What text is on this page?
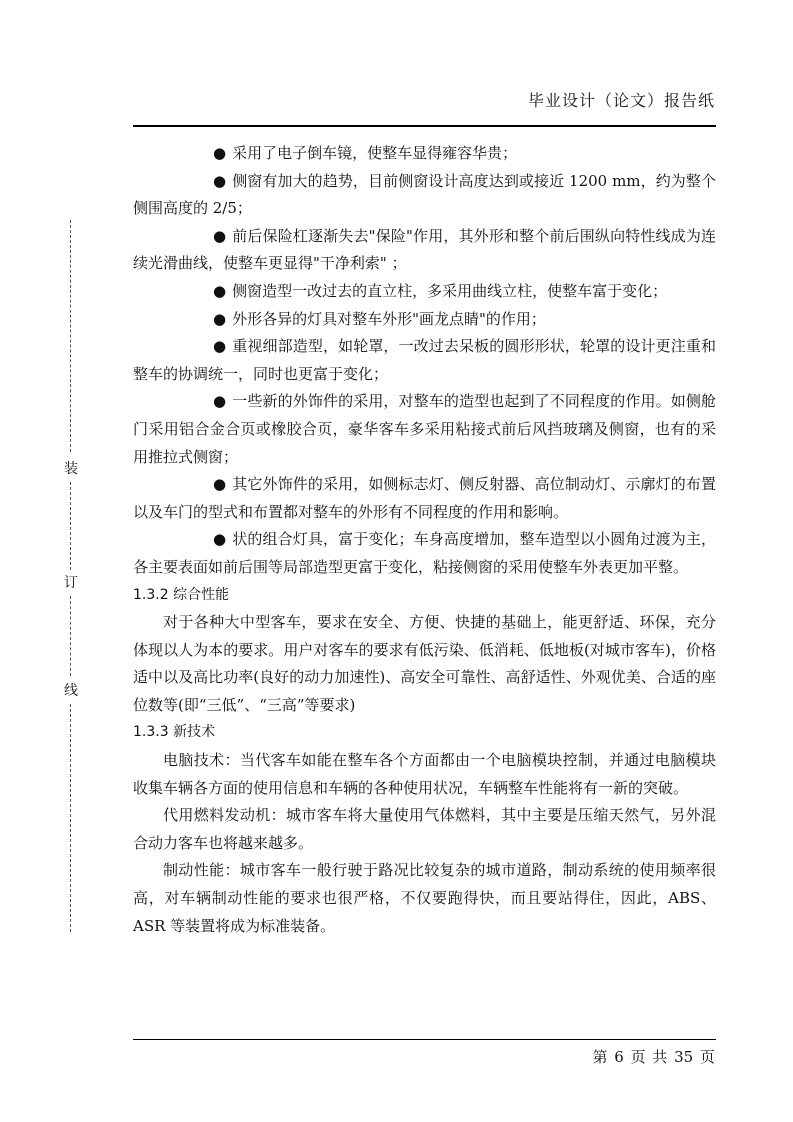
毕业设计（论文）报告纸
装
订
线

● 采用了电子倒车镜，使整车显得雍容华贵；

● 侧窗有加大的趋势，目前侧窗设计高度达到或接近 1200 mm，约为整个侧围高度的 2/5；

● 前后保险杠逐渐失去"保险"作用，其外形和整个前后围纵向特性线成为连续光滑曲线，使整车更显得"干净利索" ；

● 侧窗造型一改过去的直立柱，多采用曲线立柱，使整车富于变化；

● 外形各异的灯具对整车外形"画龙点睛"的作用；

● 重视细部造型，如轮罩，一改过去呆板的圆形形状，轮罩的设计更注重和整车的协调统一，同时也更富于变化；

● 一些新的外饰件的采用，对整车的造型也起到了不同程度的作用。如侧舱门采用铝合金合页或橡胶合页，豪华客车多采用粘接式前后风挡玻璃及侧窗，也有的采用推拉式侧窗；

● 其它外饰件的采用，如侧标志灯、侧反射器、高位制动灯、示廓灯的布置以及车门的型式和布置都对整车的外形有不同程度的作用和影响。

● 状的组合灯具，富于变化；车身高度增加，整车造型以小圆角过渡为主，各主要表面如前后围等局部造型更富于变化，粘接侧窗的采用使整车外表更加平整。

1.3.2 综合性能

对于各种大中型客车，要求在安全、方便、快捷的基础上，能更舒适、环保，充分体现以人为本的要求。用户对客车的要求有低污染、低消耗、低地板(对城市客车)，价格适中以及高比功率(良好的动力加速性)、高安全可靠性、高舒适性、外观优美、合适的座位数等(即“三低”、“三高”等要求)

1.3.3 新技术

电脑技术：当代客车如能在整车各个方面都由一个电脑模块控制，并通过电脑模块收集车辆各方面的使用信息和车辆的各种使用状况，车辆整车性能将有一新的突破。

代用燃料发动机：城市客车将大量使用气体燃料，其中主要是压缩天然气，另外混合动力客车也将越来越多。

制动性能：城市客车一般行驶于路况比较复杂的城市道路，制动系统的使用频率很高，对车辆制动性能的要求也很严格，不仅要跑得快，而且要站得住，因此，ABS、ASR 等装置将成为标准装备。

第 6 页 共 35 页
